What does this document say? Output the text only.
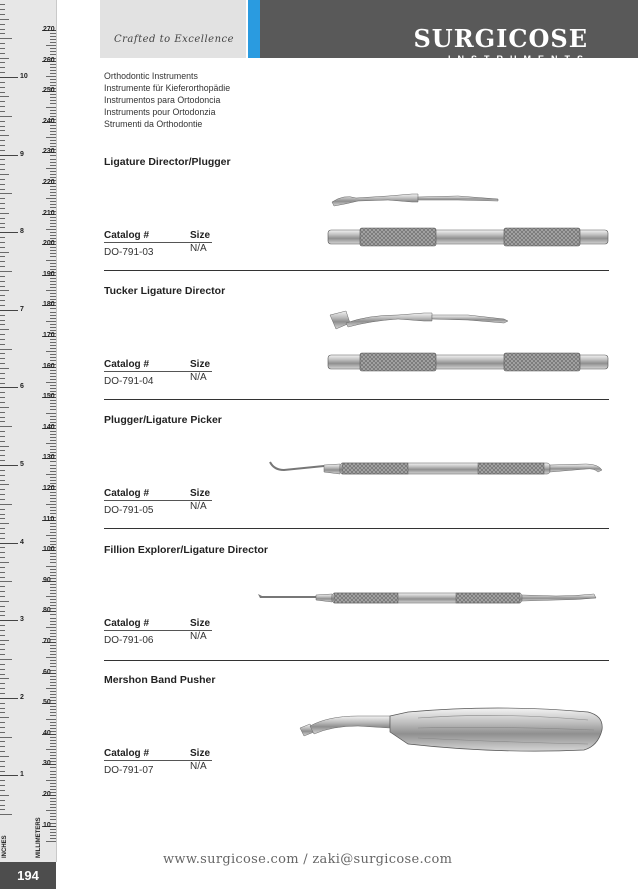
270
260
250
240
230
220
210
200
190
180
170
160
150
140
130
120
110
100
90
80
70
60
50
40
30
20
10
10
9
8
7
6
5
4
3
2
1
INCHES	MILLIMETERS
194
Crafted to Excellence	SURGICOSE
INSTRUMENTS
Orthodontic Instruments
Instrumente für Kieferorthopädie
Instrumentos para Ortodoncia
Instruments pour Ortodonzia
Strumenti da Orthodontie
Ligature Director/Plugger
Catalog #	Size
DO-791-03	N/A
Tucker Ligature Director
Catalog #	Size
DO-791-04	N/A
Plugger/Ligature Picker
Catalog #	Size
DO-791-05	N/A
Fillion Explorer/Ligature Director
Catalog #	Size
DO-791-06	N/A
Mershon Band Pusher
Catalog #	Size
DO-791-07	N/A
www.surgicose.com / zaki@surgicose.com
